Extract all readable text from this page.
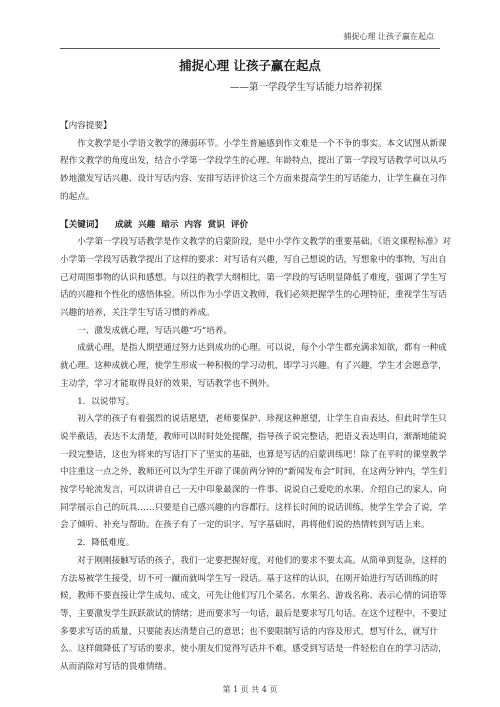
捕捉心理 让孩子赢在起点
捕捉心理 让孩子赢在起点
——第一学段学生写话能力培养初探

【内容提要】

作文教学是小学语文教学的薄弱环节。小学生普遍感到作文难是一个不争的事实。本文试图从新课程作文教学的角度出发，结合小学第一学段学生的心理、年龄特点，提出了第一学段写话教学可以从巧妙地激发写话兴趣、设计写话内容、安排写话评价这三个方面来提高学生的写话能力，让学生赢在习作的起点。

【关键词】 成就 兴趣 暗示 内容 赏识 评价

小学第一学段写话教学是作文教学的启蒙阶段，是中小学作文教学的重要基础。《语文课程标准》对小学第一学段写话教学提出了这样的要求：对写话有兴趣，写自己想说的话，写想象中的事物，写出自己对周围事物的认识和感想。与以往的教学大纲相比，第一学段的写话明显降低了难度，强调了学生写话的兴趣和个性化的感悟体验。所以作为小学语文教师，我们必须把握学生的心理特征，重视学生写话兴趣的培养，关注学生写话习惯的养成。

一、激发成就心理，写话兴趣“巧”培养。

成就心理，是指人期望通过努力达到成功的心理。可以说，每个小学生都充满求知欲，都有一种成就心理。这种成就心理，使学生形成一种积极的学习动机，即学习兴趣。有了兴趣，学生才会愿意学，主动学，学习才能取得良好的效果，写话教学也不例外。

1．以说带写。

初入学的孩子有着强烈的说话愿望，老师要保护、珍视这种愿望，让学生自由表达，但此时学生只说半截话，表达不太清楚，教师可以时时处处提醒，指导孩子说完整话，把语义表达明白，渐渐地能说一段完整话，这也为将来的写话打下了坚实的基础，也算是写话的启蒙训练吧！除了在平时的课堂教学中注重这一点之外，教师还可以为学生开辟了课前两分钟的“新闻发布会”时间，在这两分钟内，学生们按学号轮流发言，可以讲讲自己一天中印象最深的一件事、说说自己爱吃的水果、介绍自己的家人、向同学展示自己的玩具……只要是自己感兴趣的内容都行。这样长时间的说话训练，使学生学会了说，学会了倾听、补充与帮助。在孩子有了一定的识字、写字基础时，再将他们说的热情转到写话上来。

2．降低难度。

对于刚刚接触写话的孩子，我们一定要把握好度，对他们的要求不要太高。从简单到复杂，这样的方法易被学生接受，切不可一蹴而就叫学生写一段话。基于这样的认识，在刚开始进行写话训练的时候，教师不要直接让学生成句、成文，可先让他们写几个菜名、水果名、游戏名称、表示心情的词语等等，主要激发学生跃跃欲试的情绪；进而要求写一句话，最后是要求写几句话。在这个过程中，不要过多要求写话的质量，只要能表达清楚自己的意思；也不要限制写话的内容及形式，想写什么，就写什么。这样做降低了写话的要求，使小朋友们觉得写话并不难，感受到写话是一件轻松自在的学习活动，从而消除对写话的畏难情绪。

第 1 页 共 4 页
